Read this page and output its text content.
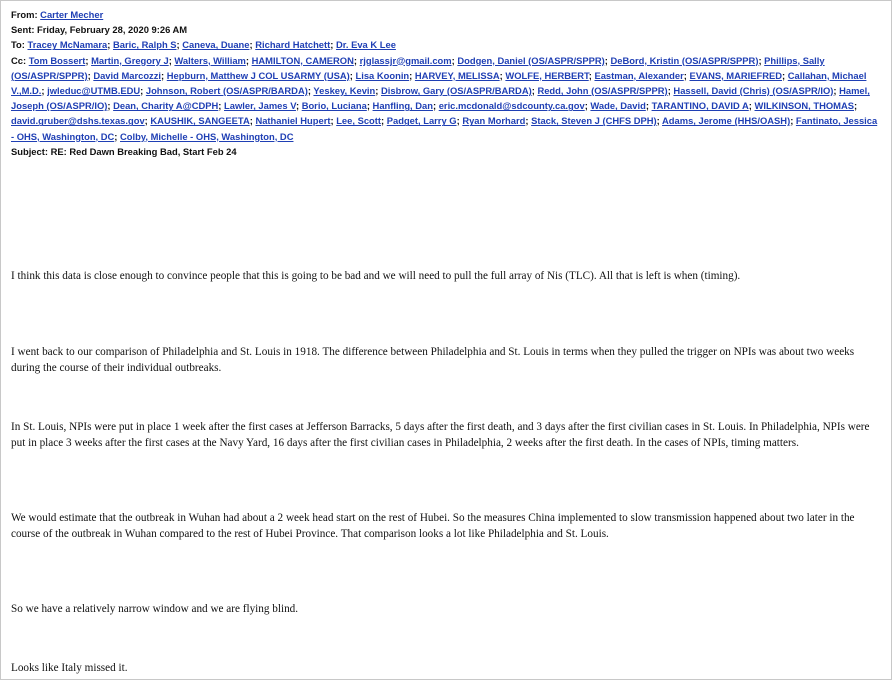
From: Carter Mecher
Sent: Friday, February 28, 2020 9:26 AM
To: Tracey McNamara; Baric, Ralph S; Caneva, Duane; Richard Hatchett; Dr. Eva K Lee
Cc: Tom Bossert; Martin, Gregory J; Walters, William; HAMILTON, CAMERON; rjglassjr@gmail.com; Dodgen, Daniel (OS/ASPR/SPPR); DeBord, Kristin (OS/ASPR/SPPR); Phillips, Sally (OS/ASPR/SPPR); David Marcozzi; Hepburn, Matthew J COL USARMY (USA); Lisa Koonin; HARVEY, MELISSA; WOLFE, HERBERT; Eastman, Alexander; EVANS, MARIEFRED; Callahan, Michael V.,M.D.; jwleduc@UTMB.EDU; Johnson, Robert (OS/ASPR/BARDA); Yeskey, Kevin; Disbrow, Gary (OS/ASPR/BARDA); Redd, John (OS/ASPR/SPPR); Hassell, David (Chris) (OS/ASPR/IO); Hamel, Joseph (OS/ASPR/IO); Dean, Charity A@CDPH; Lawler, James V; Borio, Luciana; Hanfling, Dan; eric.mcdonald@sdcounty.ca.gov; Wade, David; TARANTINO, DAVID A; WILKINSON, THOMAS; david.gruber@dshs.texas.gov; KAUSHIK, SANGEETA; Nathaniel Hupert; Lee, Scott; Padget, Larry G; Ryan Morhard; Stack, Steven J (CHFS DPH); Adams, Jerome (HHS/OASH); Fantinato, Jessica - OHS, Washington, DC; Colby, Michelle - OHS, Washington, DC
Subject: RE: Red Dawn Breaking Bad, Start Feb 24

I think this data is close enough to convince people that this is going to be bad and we will need to pull the full array of Nis (TLC). All that is left is when (timing).

I went back to our comparison of Philadelphia and St. Louis in 1918. The difference between Philadelphia and St. Louis in terms when they pulled the trigger on NPIs was about two weeks during the course of their individual outbreaks.

In St. Louis, NPIs were put in place 1 week after the first cases at Jefferson Barracks, 5 days after the first death, and 3 days after the first civilian cases in St. Louis. In Philadelphia, NPIs were put in place 3 weeks after the first cases at the Navy Yard, 16 days after the first civilian cases in Philadelphia, 2 weeks after the first death. In the cases of NPIs, timing matters.

We would estimate that the outbreak in Wuhan had about a 2 week head start on the rest of Hubei. So the measures China implemented to slow transmission happened about two later in the course of the outbreak in Wuhan compared to the rest of Hubei Province. That comparison looks a lot like Philadelphia and St. Louis.

So we have a relatively narrow window and we are flying blind.

Looks like Italy missed it.
